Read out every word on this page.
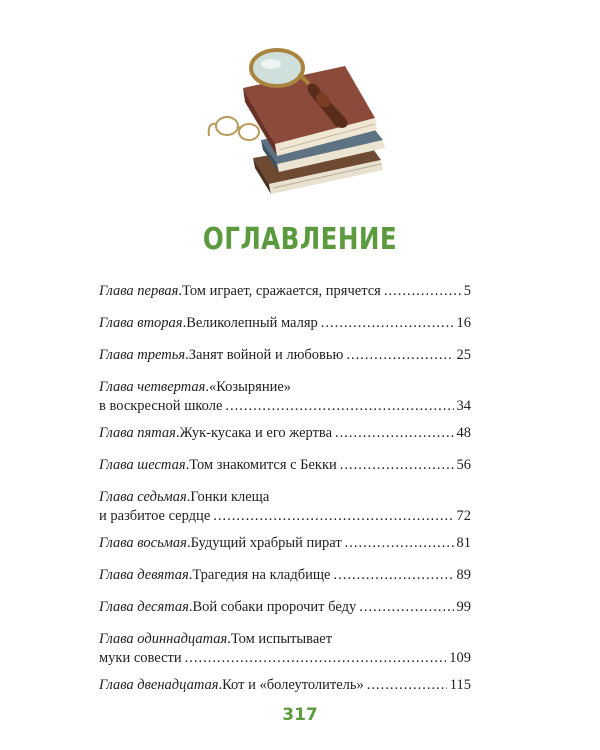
ОГЛАВЛЕНИЕ
Глава первая . Том играет, сражается, прячется .....	5
Глава вторая . Великолепный маляр .....	16
Глава третья . Занят войной и любовью .....	25
Глава четвертая . «Козыряние»
в воскресной школе .....	34
Глава пятая . Жук-кусака и его жертва .....	48
Глава шестая . Том знакомится с Бекки .....	56
Глава седьмая . Гонки клеща
и разбитое сердце .....	72
Глава восьмая . Будущий храбрый пират .....	81
Глава девятая . Трагедия на кладбище .....	89
Глава десятая . Вой собаки пророчит беду .....	99
Глава одиннадцатая . Том испытывает
муки совести .....	109
Глава двенадцатая . Кот и «болеутолитель» .....	115
317
